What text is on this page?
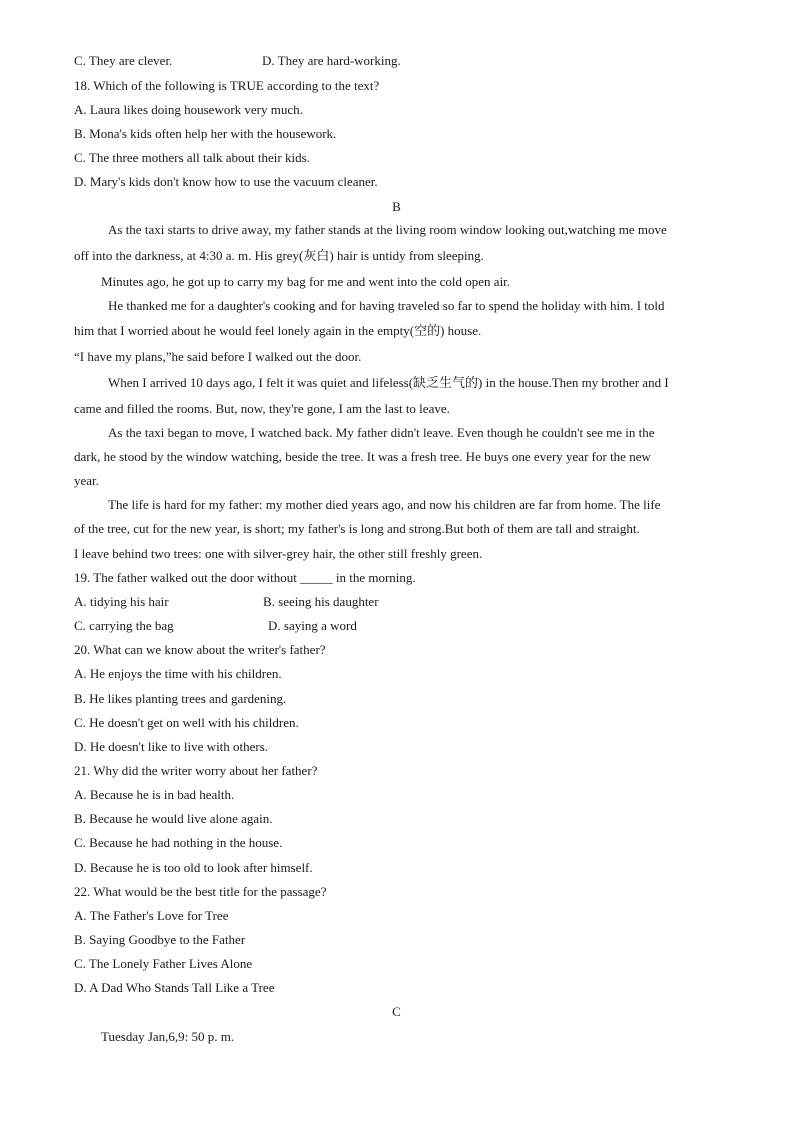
C. They are clever.	D. They are hard-working.
18. Which of the following is TRUE according to the text?
A. Laura likes doing housework very much.
B. Mona's kids often help her with the housework.
C. The three mothers all talk about their kids.
D. Mary's kids don't know how to use the vacuum cleaner.
B
As the taxi starts to drive away, my father stands at the living room window looking out,watching me move
off into the darkness, at 4:30 a. m. His grey(灰白) hair is untidy from sleeping.
Minutes ago, he got up to carry my bag for me and went into the cold open air.
He thanked me for a daughter's cooking and for having traveled so far to spend the holiday with him. I told
him that I worried about he would feel lonely again in the empty(空的) house.
“I have my plans,”he said before I walked out the door.
When I arrived 10 days ago, I felt it was quiet and lifeless(缺乏生气的) in the house.Then my brother and I
came and filled the rooms. But, now, they're gone, I am the last to leave.
As the taxi began to move, I watched back. My father didn't leave. Even though he couldn't see me in the
dark, he stood by the window watching, beside the tree. It was a fresh tree. He buys one every year for the new
year.
The life is hard for my father: my mother died years ago, and now his children are far from home. The life
of the tree, cut for the new year, is short; my father's is long and strong.But both of them are tall and straight.
I leave behind two trees: one with silver-grey hair, the other still freshly green.
19. The father walked out the door without _____ in the morning.
A. tidying his hair	B. seeing his daughter
C. carrying the bag	D. saying a word
20. What can we know about the writer's father?
A. He enjoys the time with his children.
B. He likes planting trees and gardening.
C. He doesn't get on well with his children.
D. He doesn't like to live with others.
21. Why did the writer worry about her father?
A. Because he is in bad health.
B. Because he would live alone again.
C. Because he had nothing in the house.
D. Because he is too old to look after himself.
22. What would be the best title for the passage?
A. The Father's Love for Tree
B. Saying Goodbye to the Father
C. The Lonely Father Lives Alone
D. A Dad Who Stands Tall Like a Tree
C
Tuesday Jan,6,9: 50 p. m.
